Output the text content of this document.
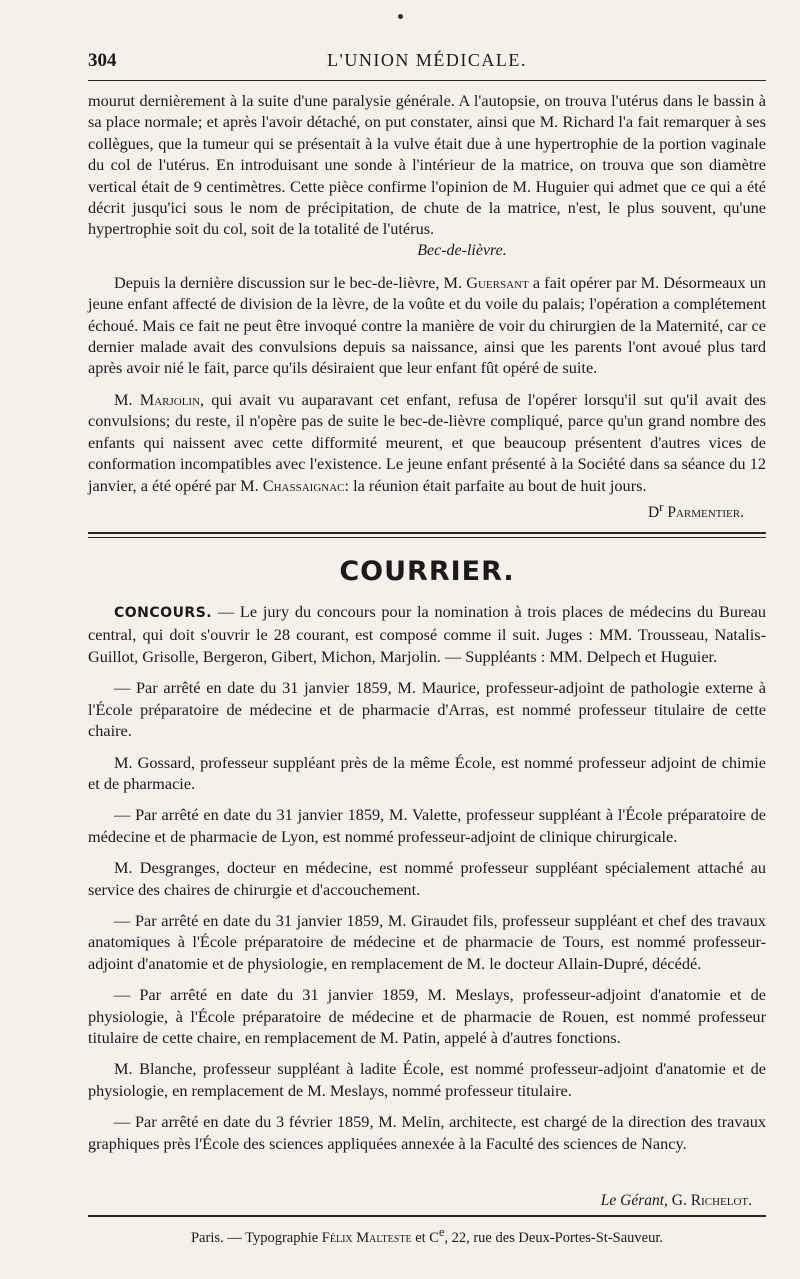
304	L'UNION MÉDICALE.

mourut dernièrement à la suite d'une paralysie générale. A l'autopsie, on trouva l'utérus dans le bassin à sa place normale; et après l'avoir détaché, on put constater, ainsi que M. Richard l'a fait remarquer à ses collègues, que la tumeur qui se présentait à la vulve était due à une hypertrophie de la portion vaginale du col de l'utérus. En introduisant une sonde à l'intérieur de la matrice, on trouva que son diamètre vertical était de 9 centimètres. Cette pièce confirme l'opinion de M. Huguier qui admet que ce qui a été décrit jusqu'ici sous le nom de précipitation, de chute de la matrice, n'est, le plus souvent, qu'une hypertrophie soit du col, soit de la totalité de l'utérus.

Bec-de-lièvre.

Depuis la dernière discussion sur le bec-de-lièvre, M. Guersant a fait opérer par M. Désormeaux un jeune enfant affecté de division de la lèvre, de la voûte et du voile du palais; l'opération a complétement échoué. Mais ce fait ne peut être invoqué contre la manière de voir du chirurgien de la Maternité, car ce dernier malade avait des convulsions depuis sa naissance, ainsi que les parents l'ont avoué plus tard après avoir nié le fait, parce qu'ils désiraient que leur enfant fût opéré de suite.

M. Marjolin, qui avait vu auparavant cet enfant, refusa de l'opérer lorsqu'il sut qu'il avait des convulsions; du reste, il n'opère pas de suite le bec-de-lièvre compliqué, parce qu'un grand nombre des enfants qui naissent avec cette difformité meurent, et que beaucoup présentent d'autres vices de conformation incompatibles avec l'existence. Le jeune enfant présenté à la Société dans sa séance du 12 janvier, a été opéré par M. Chassaignac: la réunion était parfaite au bout de huit jours.

$D^r$ Parmentier.
COURRIER.

CONCOURS. — Le jury du concours pour la nomination à trois places de médecins du Bureau central, qui doit s'ouvrir le 28 courant, est composé comme il suit. Juges : MM. Trousseau, Natalis-Guillot, Grisolle, Bergeron, Gibert, Michon, Marjolin. — Suppléants : MM. Delpech et Huguier.

— Par arrêté en date du 31 janvier 1859, M. Maurice, professeur-adjoint de pathologie externe à l'École préparatoire de médecine et de pharmacie d'Arras, est nommé professeur titulaire de cette chaire.

M. Gossard, professeur suppléant près de la même École, est nommé professeur adjoint de chimie et de pharmacie.

— Par arrêté en date du 31 janvier 1859, M. Valette, professeur suppléant à l'École préparatoire de médecine et de pharmacie de Lyon, est nommé professeur-adjoint de clinique chirurgicale.

M. Desgranges, docteur en médecine, est nommé professeur suppléant spécialement attaché au service des chaires de chirurgie et d'accouchement.

— Par arrêté en date du 31 janvier 1859, M. Giraudet fils, professeur suppléant et chef des travaux anatomiques à l'École préparatoire de médecine et de pharmacie de Tours, est nommé professeur-adjoint d'anatomie et de physiologie, en remplacement de M. le docteur Allain-Dupré, décédé.

— Par arrêté en date du 31 janvier 1859, M. Meslays, professeur-adjoint d'anatomie et de physiologie, à l'École préparatoire de médecine et de pharmacie de Rouen, est nommé professeur titulaire de cette chaire, en remplacement de M. Patin, appelé à d'autres fonctions.

M. Blanche, professeur suppléant à ladite École, est nommé professeur-adjoint d'anatomie et de physiologie, en remplacement de M. Meslays, nommé professeur titulaire.

— Par arrêté en date du 3 février 1859, M. Melin, architecte, est chargé de la direction des travaux graphiques près l'École des sciences appliquées annexée à la Faculté des sciences de Nancy.

Le Gérant, G. Richelot.
Paris. — Typographie Félix Malteste et Ce, 22, rue des Deux-Portes-St-Sauveur.
